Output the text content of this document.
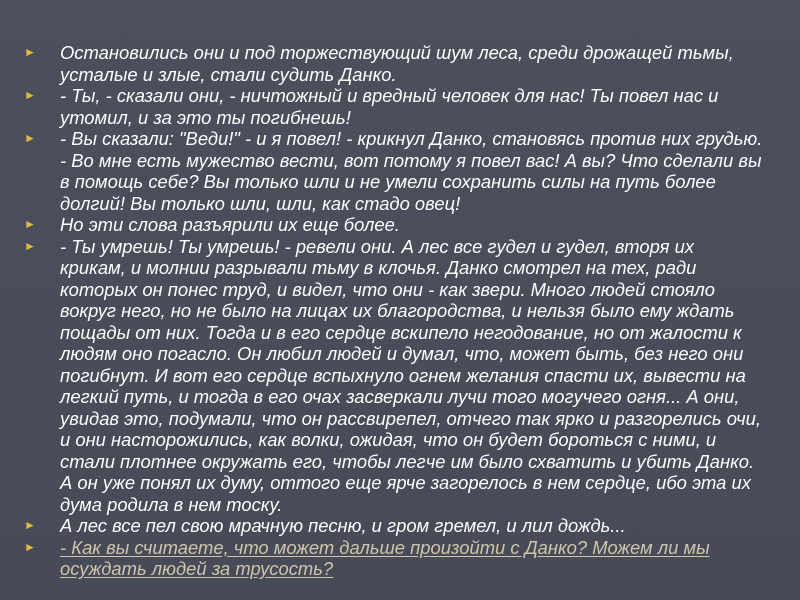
►	Остановились они и под торжествующий шум леса, среди дрожащей тьмы, усталые и злые, стали судить Данко.
►	- Ты, - сказали они, - ничтожный и вредный человек для нас! Ты повел нас и утомил, и за это ты погибнешь!
►	- Вы сказали: "Веди!" - и я повел! - крикнул Данко, становясь против них грудью. - Во мне есть мужество вести, вот потому я повел вас! А вы? Что сделали вы в помощь себе? Вы только шли и не умели сохранить силы на путь более долгий! Вы только шли, шли, как стадо овец!
►	Но эти слова разъярили их еще более.
►	- Ты умрешь! Ты умрешь! - ревели они. А лес все гудел и гудел, вторя их крикам, и молнии разрывали тьму в клочья. Данко смотрел на тех, ради которых он понес труд, и видел, что они - как звери. Много людей стояло вокруг него, но не было на лицах их благородства, и нельзя было ему ждать пощады от них. Тогда и в его сердце вскипело негодование, но от жалости к людям оно погасло. Он любил людей и думал, что, может быть, без него они погибнут. И вот его сердце вспыхнуло огнем желания спасти их, вывести на легкий путь, и тогда в его очах засверкали лучи того могучего огня... А они, увидав это, подумали, что он рассвирепел, отчего так ярко и разгорелись очи, и они насторожились, как волки, ожидая, что он будет бороться с ними, и стали плотнее окружать его, чтобы легче им было схватить и убить Данко. А он уже понял их думу, оттого еще ярче загорелось в нем сердце, ибо эта их дума родила в нем тоску.
►	А лес все пел свою мрачную песню, и гром гремел, и лил дождь...
►	- Как вы считаете, что может дальше произойти с Данко? Можем ли мы осуждать людей за трусость?
